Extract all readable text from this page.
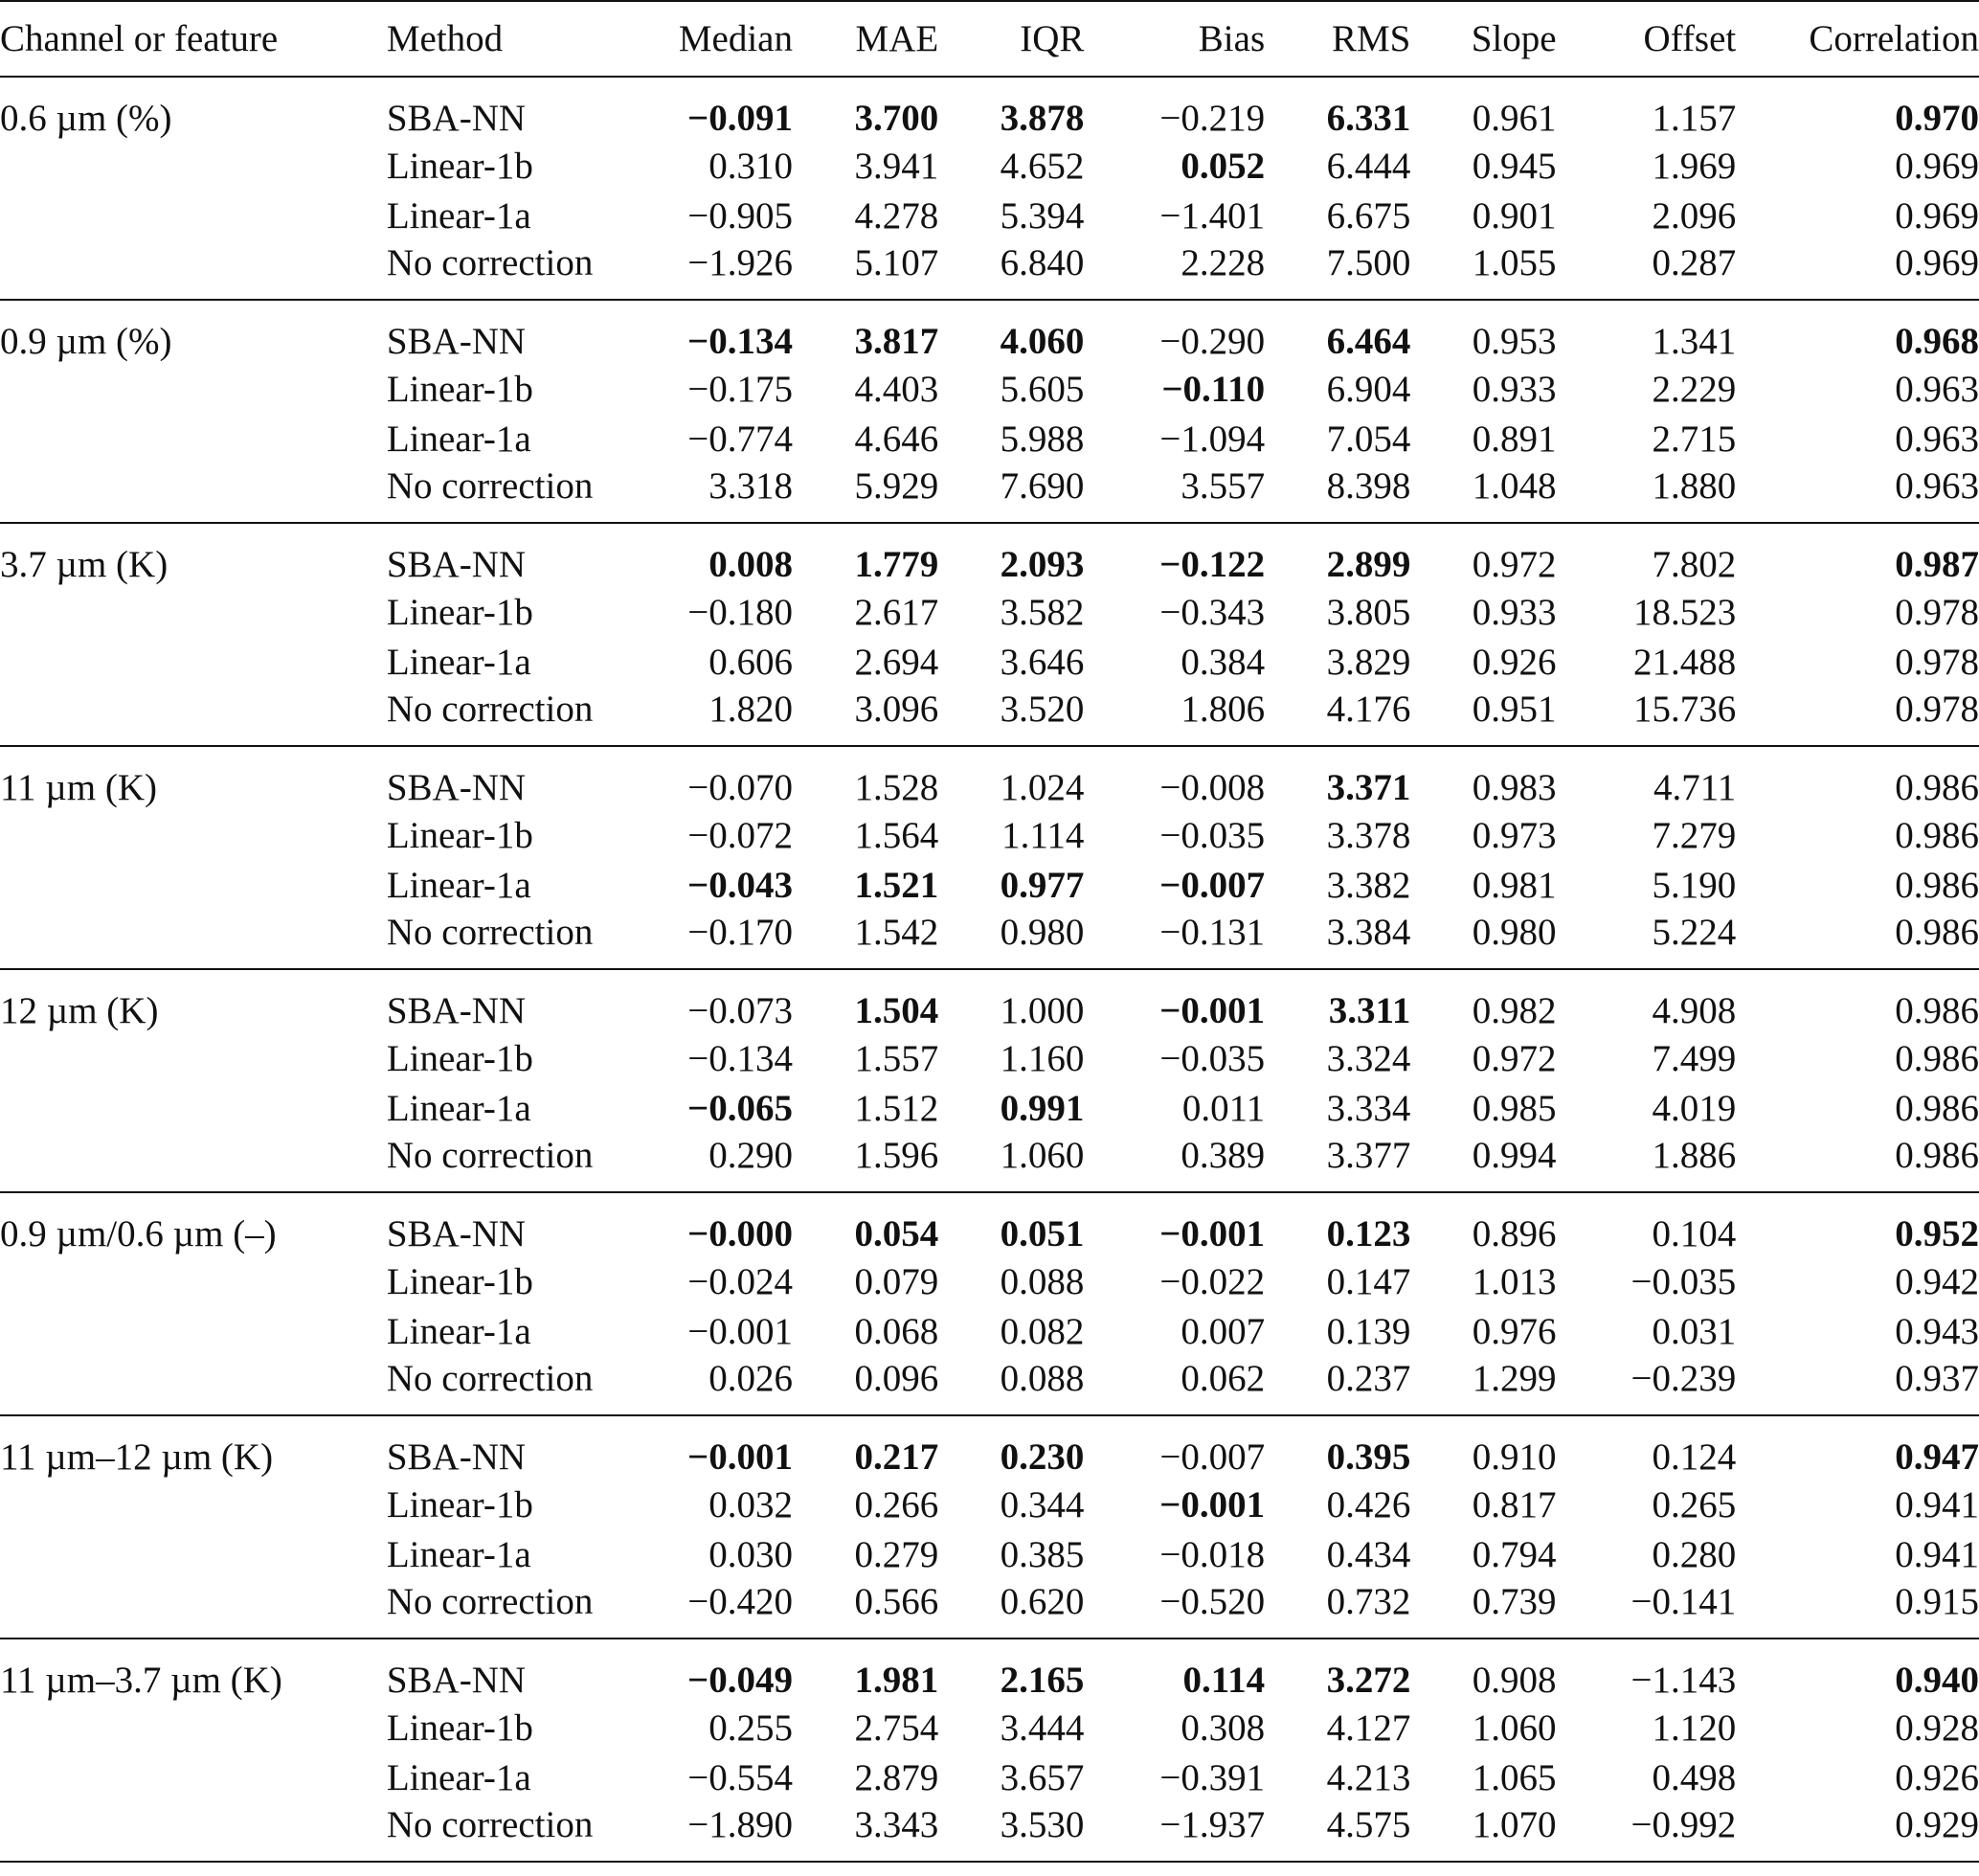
Channel or feature	Method	Median	MAE	IQR	Bias	RMS	Slope	Offset	Correlation
0.6 µm (%)	SBA-NN	−0.091	3.700	3.878	−0.219	6.331	0.961	1.157	0.970
	Linear-1b	0.310	3.941	4.652	0.052	6.444	0.945	1.969	0.969
	Linear-1a	−0.905	4.278	5.394	−1.401	6.675	0.901	2.096	0.969
	No correction	−1.926	5.107	6.840	2.228	7.500	1.055	0.287	0.969
0.9 µm (%)	SBA-NN	−0.134	3.817	4.060	−0.290	6.464	0.953	1.341	0.968
	Linear-1b	−0.175	4.403	5.605	−0.110	6.904	0.933	2.229	0.963
	Linear-1a	−0.774	4.646	5.988	−1.094	7.054	0.891	2.715	0.963
	No correction	3.318	5.929	7.690	3.557	8.398	1.048	1.880	0.963
3.7 µm (K)	SBA-NN	0.008	1.779	2.093	−0.122	2.899	0.972	7.802	0.987
	Linear-1b	−0.180	2.617	3.582	−0.343	3.805	0.933	18.523	0.978
	Linear-1a	0.606	2.694	3.646	0.384	3.829	0.926	21.488	0.978
	No correction	1.820	3.096	3.520	1.806	4.176	0.951	15.736	0.978
11 µm (K)	SBA-NN	−0.070	1.528	1.024	−0.008	3.371	0.983	4.711	0.986
	Linear-1b	−0.072	1.564	1.114	−0.035	3.378	0.973	7.279	0.986
	Linear-1a	−0.043	1.521	0.977	−0.007	3.382	0.981	5.190	0.986
	No correction	−0.170	1.542	0.980	−0.131	3.384	0.980	5.224	0.986
12 µm (K)	SBA-NN	−0.073	1.504	1.000	−0.001	3.311	0.982	4.908	0.986
	Linear-1b	−0.134	1.557	1.160	−0.035	3.324	0.972	7.499	0.986
	Linear-1a	−0.065	1.512	0.991	0.011	3.334	0.985	4.019	0.986
	No correction	0.290	1.596	1.060	0.389	3.377	0.994	1.886	0.986
0.9 µm/0.6 µm (–)	SBA-NN	−0.000	0.054	0.051	−0.001	0.123	0.896	0.104	0.952
	Linear-1b	−0.024	0.079	0.088	−0.022	0.147	1.013	−0.035	0.942
	Linear-1a	−0.001	0.068	0.082	0.007	0.139	0.976	0.031	0.943
	No correction	0.026	0.096	0.088	0.062	0.237	1.299	−0.239	0.937
11 µm–12 µm (K)	SBA-NN	−0.001	0.217	0.230	−0.007	0.395	0.910	0.124	0.947
	Linear-1b	0.032	0.266	0.344	−0.001	0.426	0.817	0.265	0.941
	Linear-1a	0.030	0.279	0.385	−0.018	0.434	0.794	0.280	0.941
	No correction	−0.420	0.566	0.620	−0.520	0.732	0.739	−0.141	0.915
11 µm–3.7 µm (K)	SBA-NN	−0.049	1.981	2.165	0.114	3.272	0.908	−1.143	0.940
	Linear-1b	0.255	2.754	3.444	0.308	4.127	1.060	1.120	0.928
	Linear-1a	−0.554	2.879	3.657	−0.391	4.213	1.065	0.498	0.926
	No correction	−1.890	3.343	3.530	−1.937	4.575	1.070	−0.992	0.929
